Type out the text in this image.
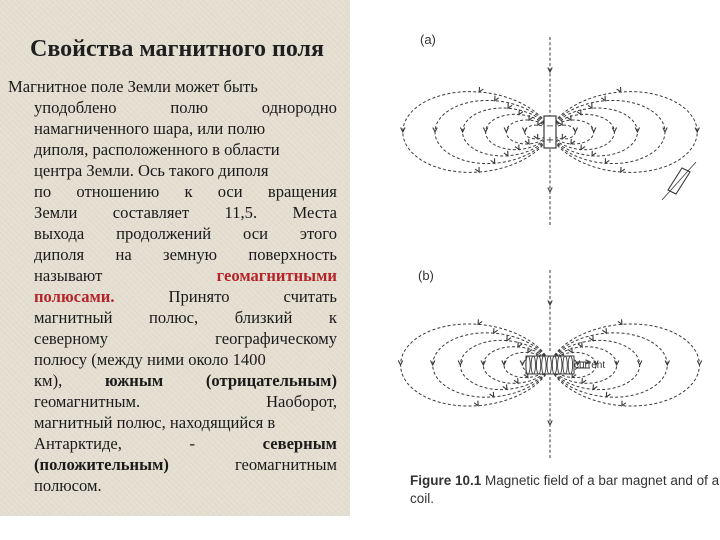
Свойства магнитного поля
Магнитное поле Земли может быть
уподоблено	полю	однородно
намагниченного шара, или полю
диполя, расположенного в области
центра Земли. Ось такого диполя
по отношению к оси вращения
Земли составляет 11,5. Места
выхода продолжений оси этого
диполя на земную поверхность
называют	геомагнитными
полюсами.	Принято	считать
магнитный полюс, близкий к
северному	географическому
полюсу (между ними около 1400
км),	южным	(отрицательным)
геомагнитным.	Наоборот,
магнитный полюс, находящийся в
Антарктиде,	-	северным
(положительным)	геомагнитным
полюсом.
−
+
(a)
(b)
current
Figure 10.1 Magnetic field of a bar magnet and of a coil.
